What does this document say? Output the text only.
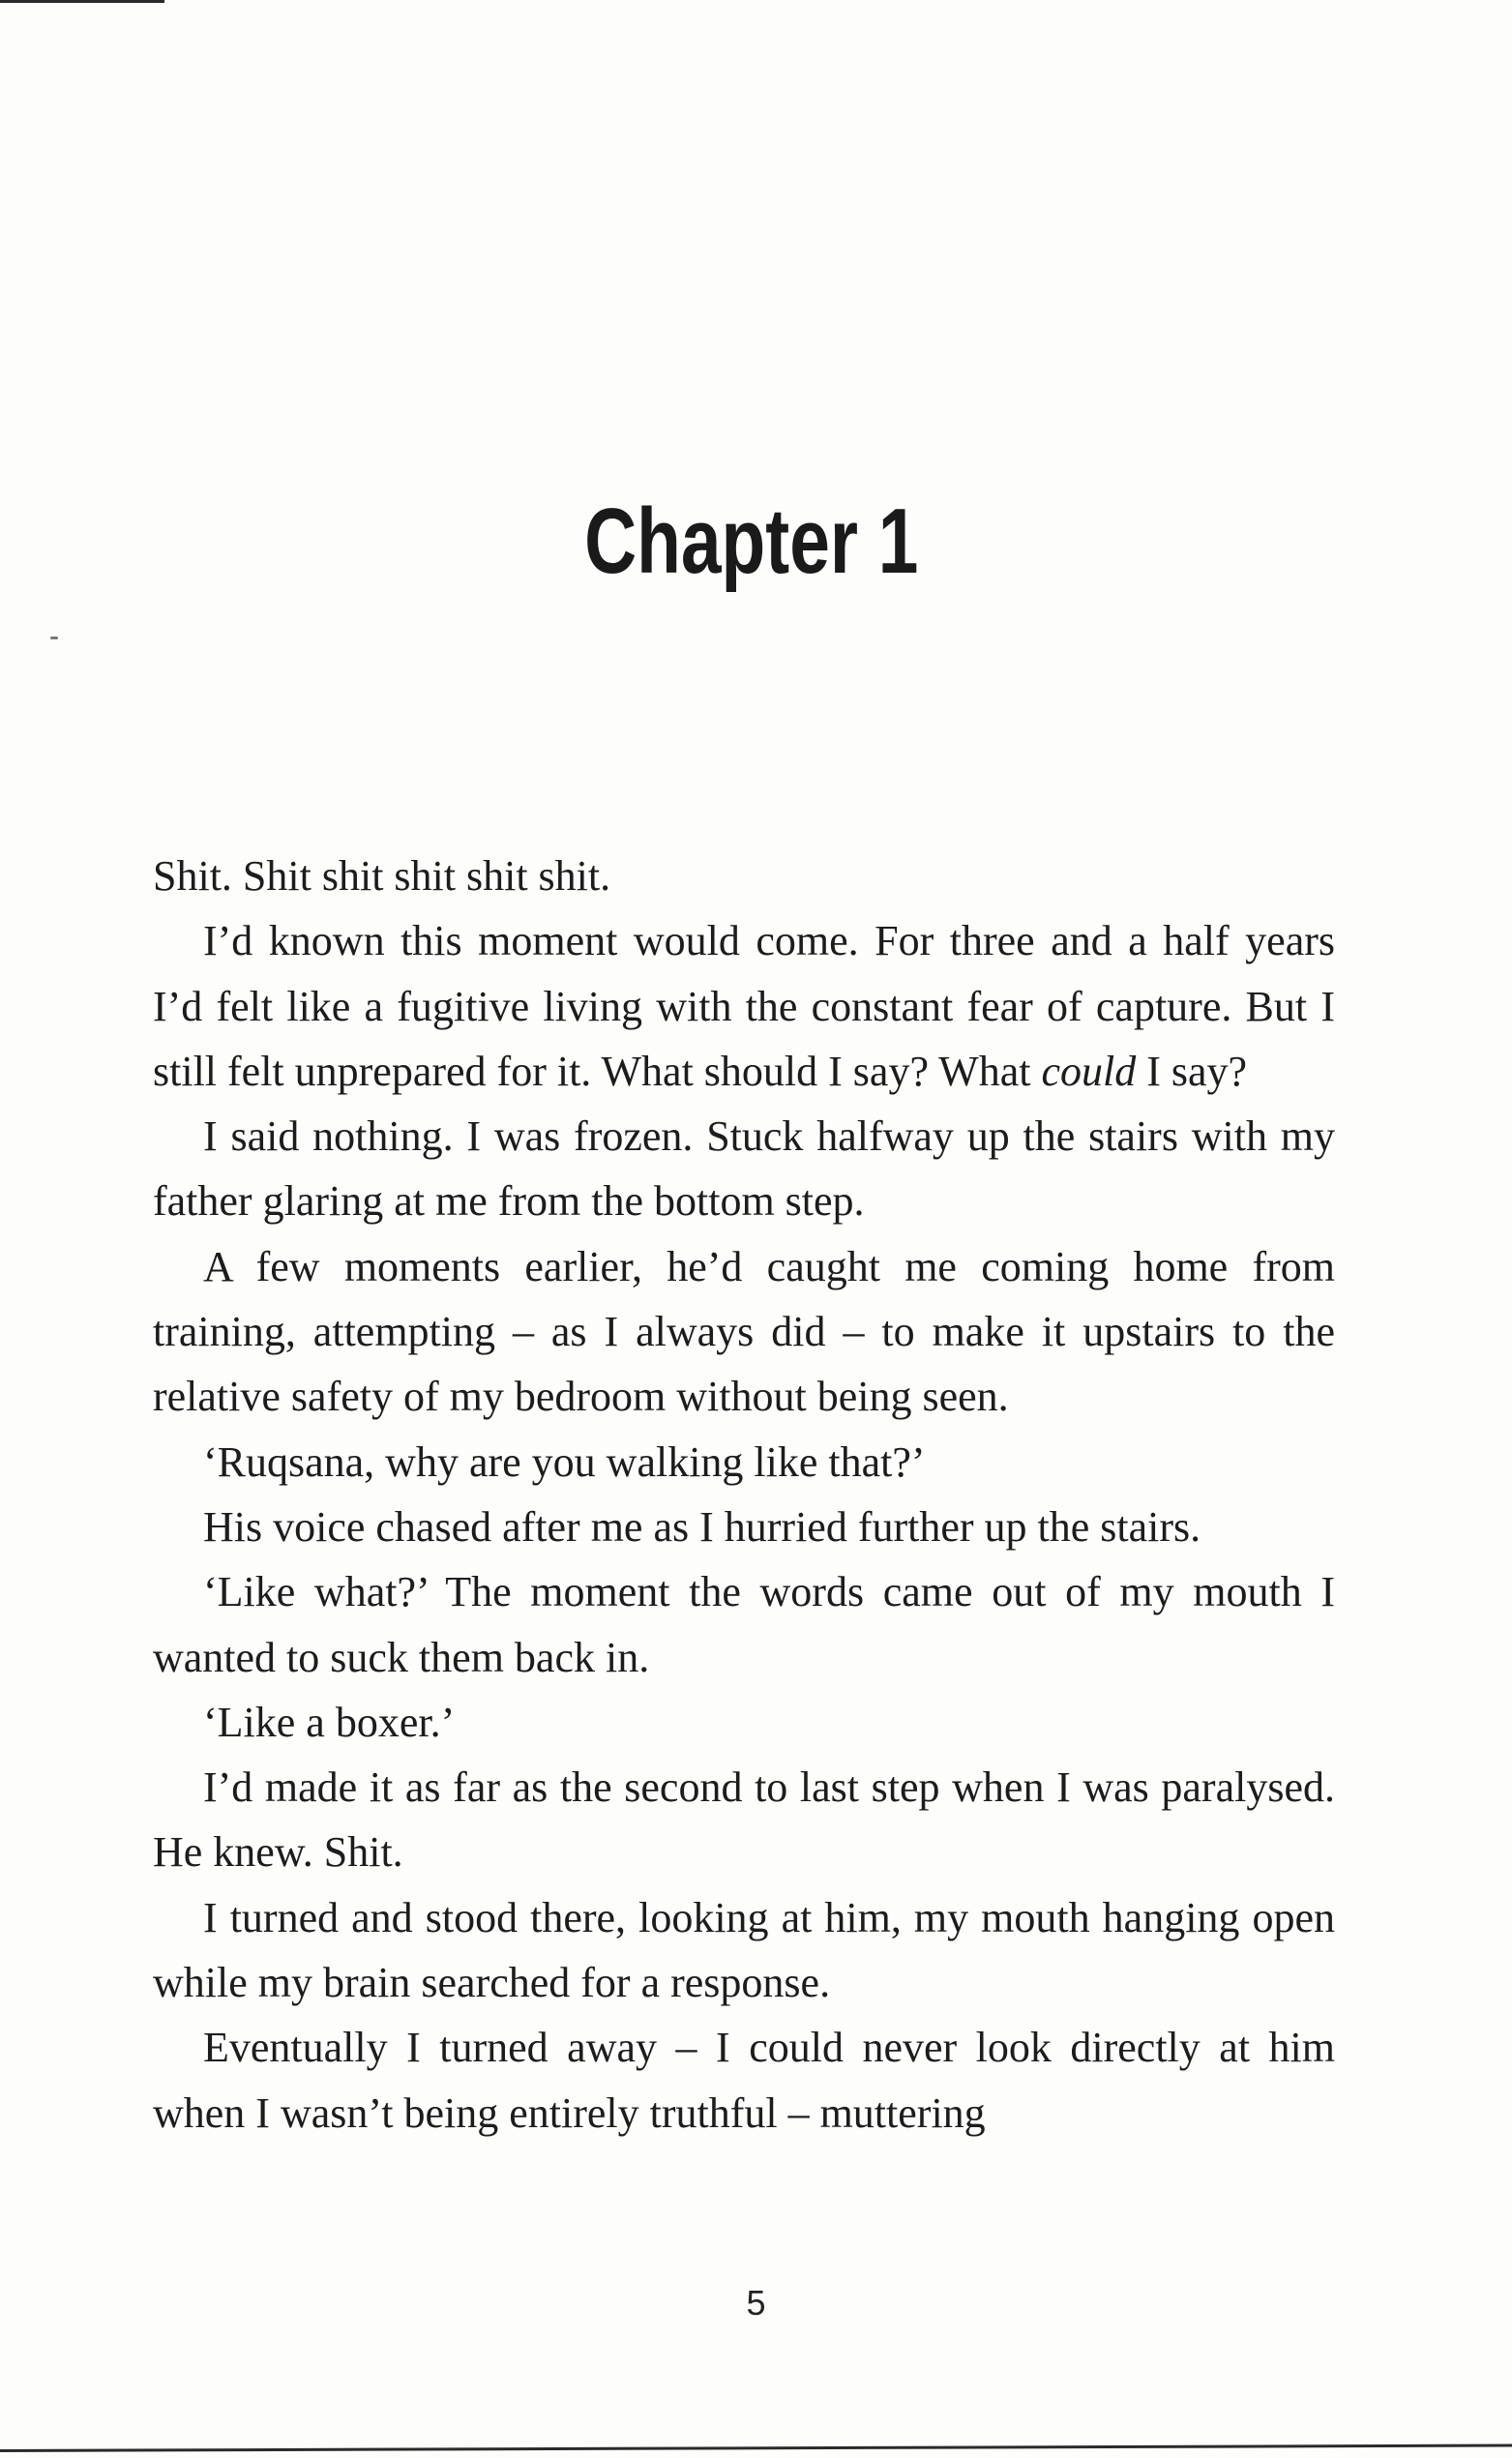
Chapter 1

Shit. Shit shit shit shit shit.

I’d known this moment would come. For three and a half years I’d felt like a fugitive living with the constant fear of capture. But I still felt unprepared for it. What should I say? What could I say?

I said nothing. I was frozen. Stuck halfway up the stairs with my father glaring at me from the bottom step.

A few moments earlier, he’d caught me coming home from training, attempting – as I always did – to make it upstairs to the relative safety of my bedroom without being seen.

‘Ruqsana, why are you walking like that?’

His voice chased after me as I hurried further up the stairs.

‘Like what?’ The moment the words came out of my mouth I wanted to suck them back in.

‘Like a boxer.’

I’d made it as far as the second to last step when I was paralysed. He knew. Shit.

I turned and stood there, looking at him, my mouth hanging open while my brain searched for a response.

Eventually I turned away – I could never look directly at him when I wasn’t being entirely truthful – muttering

5
